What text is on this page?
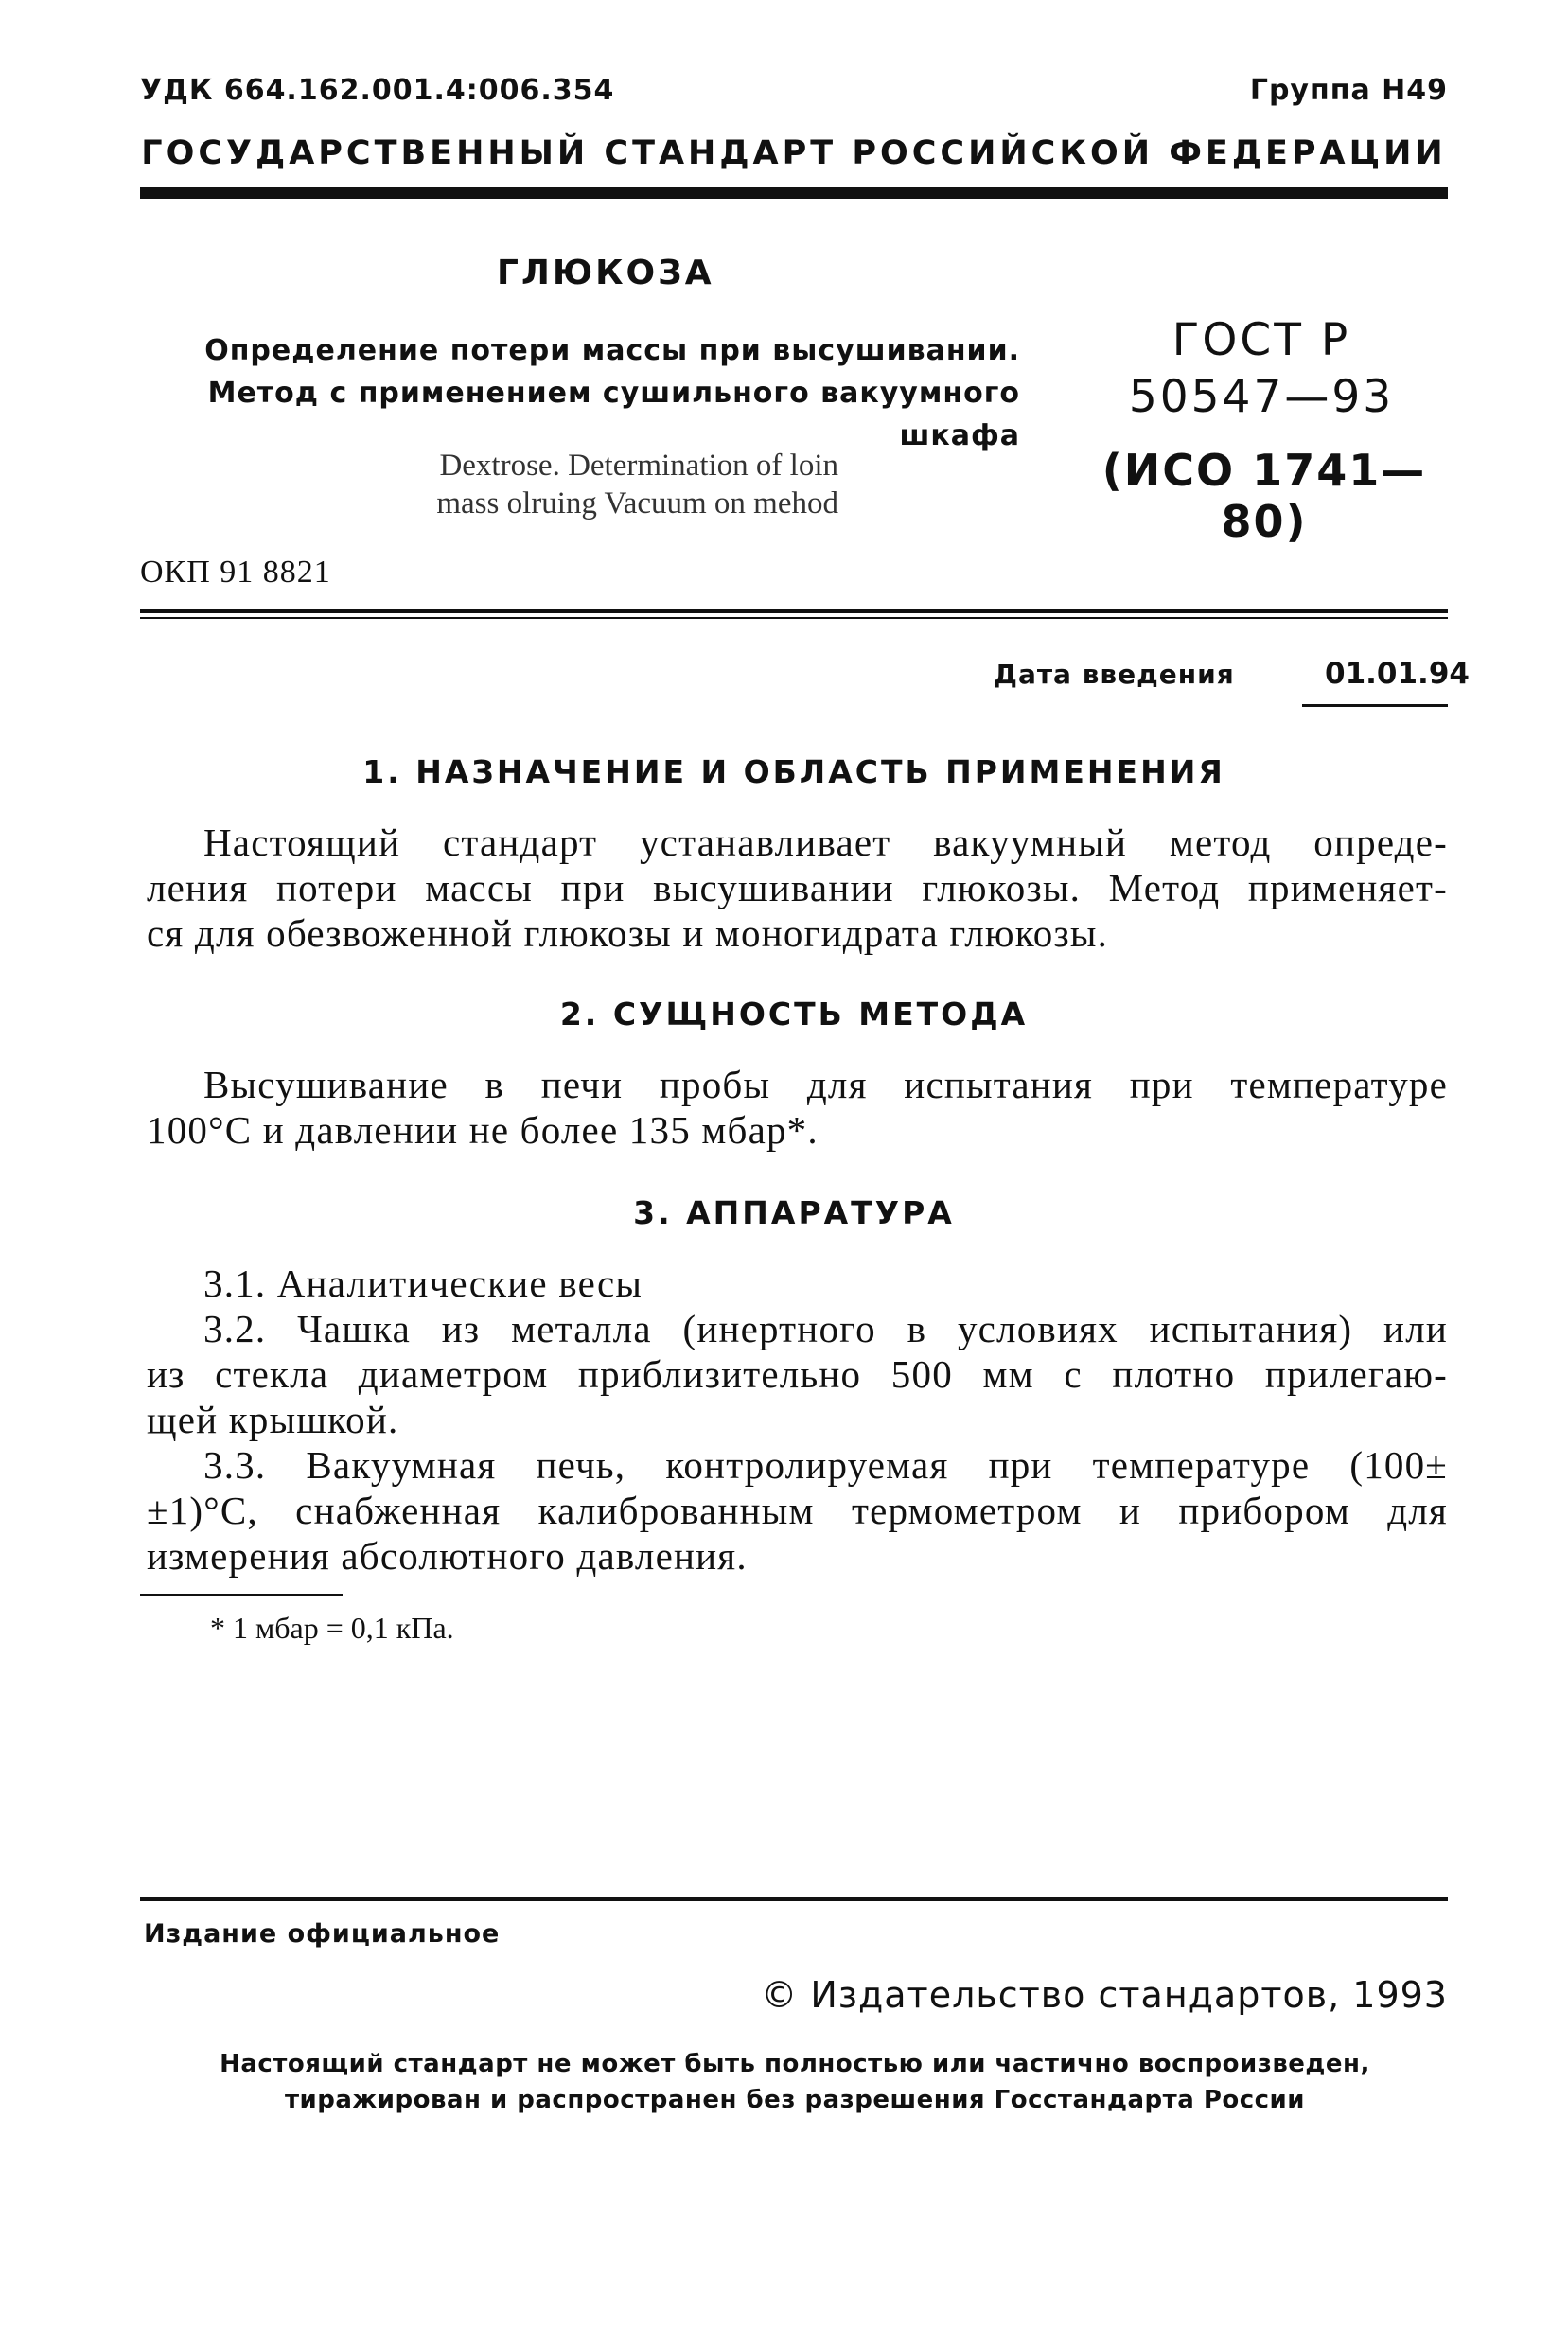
УДК 664.162.001.4:006.354	Группа Н49
ГОСУДАРСТВЕННЫЙ СТАНДАРТ РОССИЙСКОЙ ФЕДЕРАЦИИ
ГЛЮКОЗА
Определение потери массы при высушивании.
Метод с применением сушильного вакуумного шкафа
Dextrose. Determination of loin
mass olruing Vacuum on mehod
ГОСТ Р
50547—93
(ИСО 1741—80)
ОКП 91 8821
Дата введения	01.01.94
1. НАЗНАЧЕНИЕ И ОБЛАСТЬ ПРИМЕНЕНИЯ
Настоящий стандарт устанавливает вакуумный метод опреде-
ления потери массы при высушивании глюкозы. Метод применяет-
ся для обезвоженной глюкозы и моногидрата глюкозы.
2. СУЩНОСТЬ МЕТОДА
Высушивание в печи пробы для испытания при температуре
100°С и давлении не более 135 мбар*.
3. АППАРАТУРА
3.1. Аналитические весы
3.2. Чашка из металла (инертного в условиях испытания) или
из стекла диаметром приблизительно 500 мм с плотно прилегаю-
щей крышкой.
3.3. Вакуумная печь, контролируемая при температуре (100±
±1)°С, снабженная калиброванным термометром и прибором для
измерения абсолютного давления.
* 1 мбар = 0,1 кПа.
Издание официальное
© Издательство стандартов, 1993
Настоящий стандарт не может быть полностью или частично воспроизведен,
тиражирован и распространен без разрешения Госстандарта России
